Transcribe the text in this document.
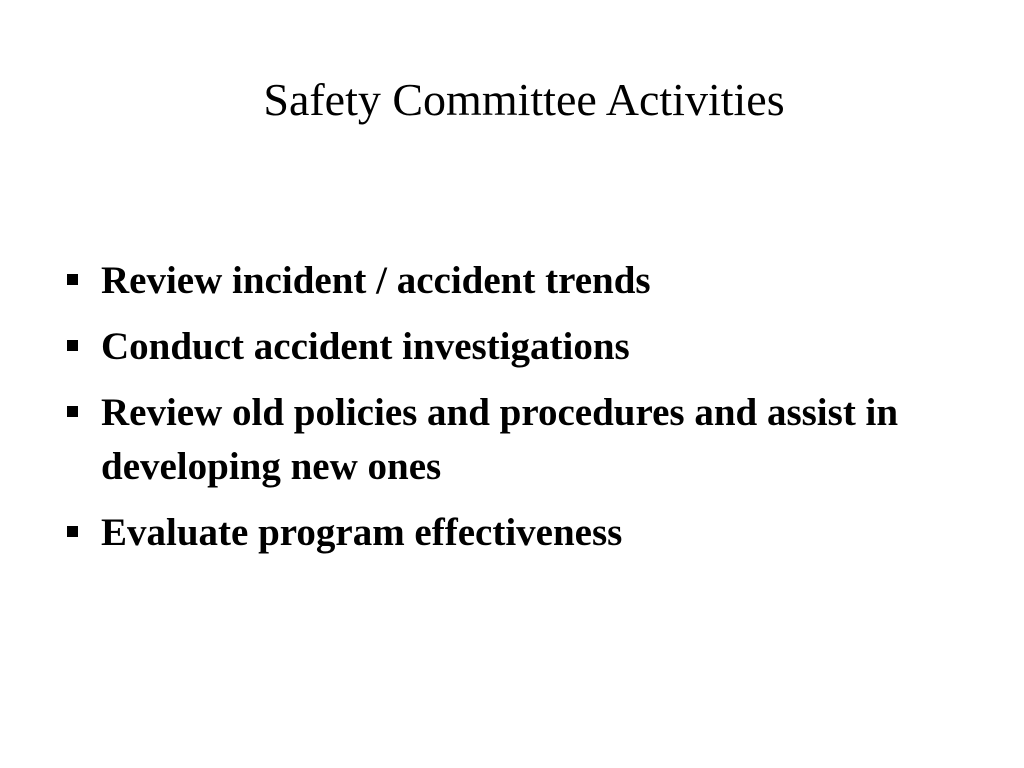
Safety Committee Activities
Review incident / accident trends
Conduct accident investigations
Review old policies and procedures and assist in developing new ones
Evaluate program effectiveness
